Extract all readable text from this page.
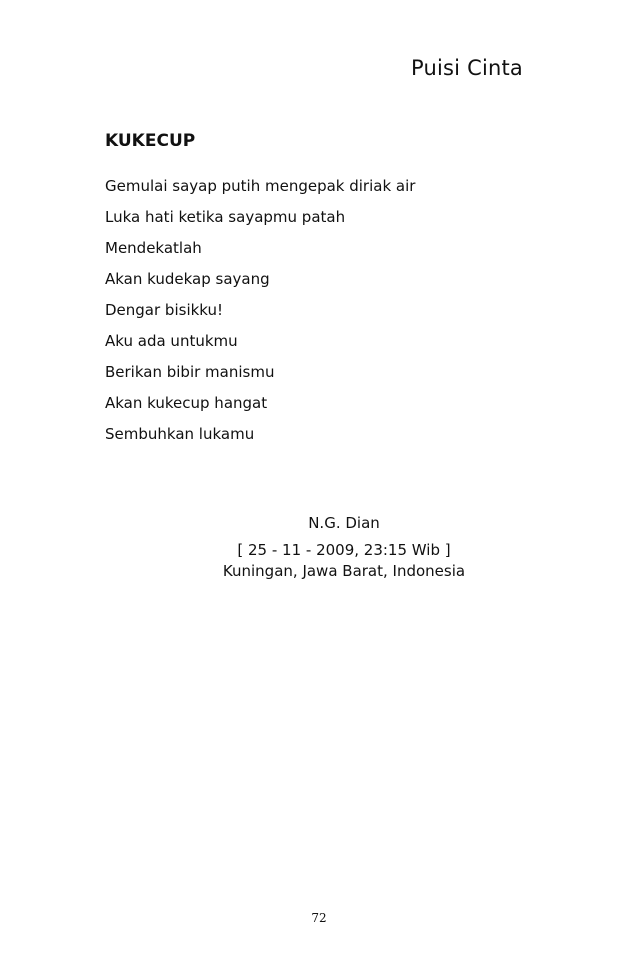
Puisi Cinta
KUKECUP
Gemulai sayap putih mengepak diriak air
Luka hati ketika sayapmu patah
Mendekatlah
Akan kudekap sayang
Dengar bisikku!
Aku ada untukmu
Berikan bibir manismu
Akan kukecup hangat
Sembuhkan lukamu
N.G. Dian
[ 25 - 11 - 2009, 23:15 Wib ]
Kuningan, Jawa Barat, Indonesia
72
